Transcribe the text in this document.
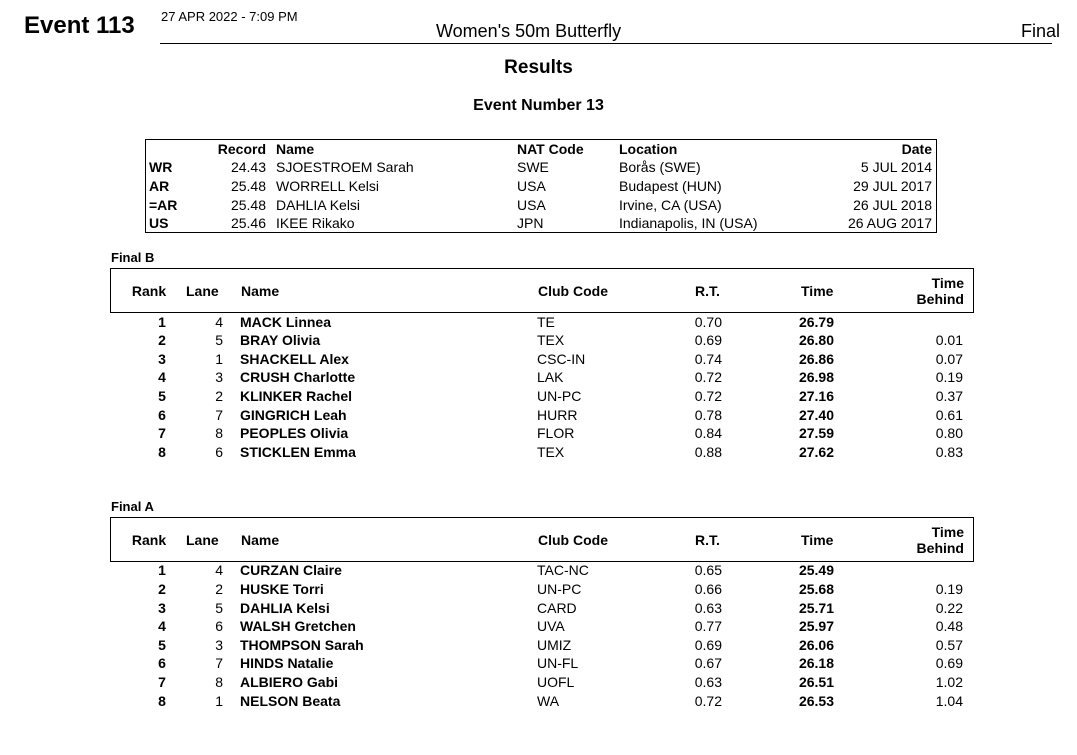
Event 113 27 APR 2022 - 7:09 PM
Women's 50m Butterfly	Final
Results
Event Number 13
Record Name	NAT Code	Location	Date
WR	24.43 SJOESTROEM Sarah	SWE	Borås (SWE)	5 JUL 2014
AR	25.48 WORRELL Kelsi	USA	Budapest (HUN)	29 JUL 2017
=AR	25.48 DAHLIA Kelsi	USA	Irvine, CA (USA)	26 JUL 2018
US	25.46 IKEE Rikako	JPN	Indianapolis, IN (USA)	26 AUG 2017
Final B
Rank	Lane Name	Club Code	R.T.	Time	Time
Behind
1	4 MACK Linnea	TE	0.70	26.79
2	5 BRAY Olivia	TEX	0.69	26.80	0.01
3	1 SHACKELL Alex	CSC-IN	0.74	26.86	0.07
4	3 CRUSH Charlotte	LAK	0.72	26.98	0.19
5	2 KLINKER Rachel	UN-PC	0.72	27.16	0.37
6	7 GINGRICH Leah	HURR	0.78	27.40	0.61
7	8 PEOPLES Olivia	FLOR	0.84	27.59	0.80
8	6 STICKLEN Emma	TEX	0.88	27.62	0.83
Final A
Rank	Lane Name	Club Code	R.T.	Time	Time
Behind
1	4 CURZAN Claire	TAC-NC	0.65	25.49
2	2 HUSKE Torri	UN-PC	0.66	25.68	0.19
3	5 DAHLIA Kelsi	CARD	0.63	25.71	0.22
4	6 WALSH Gretchen	UVA	0.77	25.97	0.48
5	3 THOMPSON Sarah	UMIZ	0.69	26.06	0.57
6	7 HINDS Natalie	UN-FL	0.67	26.18	0.69
7	8 ALBIERO Gabi	UOFL	0.63	26.51	1.02
8	1 NELSON Beata	WA	0.72	26.53	1.04
